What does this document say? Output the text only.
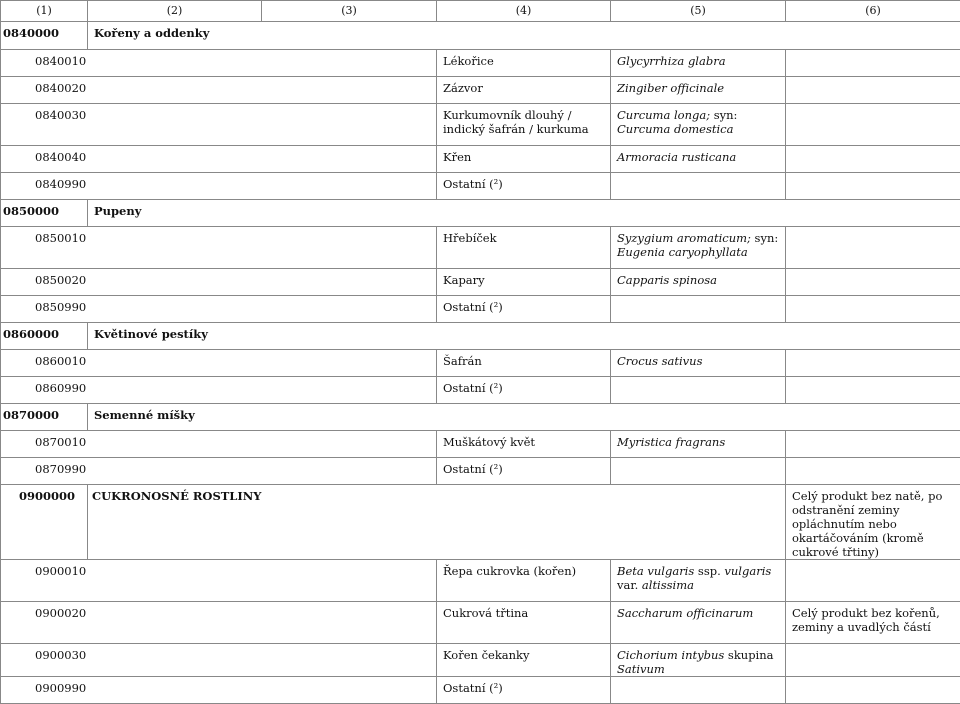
(1)	(2)	(3)	(4)	(5)	(6)
0840000	Kořeny a oddenky				
0840010			Lékořice	Glycyrrhiza glabra	
0840020			Zázvor	Zingiber officinale	
0840030			Kurkumovník dlouhý / indický šafrán / kurkuma	Curcuma longa; syn: Curcuma domestica	
0840040			Křen	Armoracia rusticana	
0840990			Ostatní (²)		
0850000	Pupeny				
0850010			Hřebíček	Syzygium aromaticum; syn: Eugenia caryophyllata	
0850020			Kapary	Capparis spinosa	
0850990			Ostatní (²)		
0860000	Květinové pestíky				
0860010			Šafrán	Crocus sativus	
0860990			Ostatní (²)		
0870000	Semenné míšky				
0870010			Muškátový květ	Myristica fragrans	
0870990			Ostatní (²)		
0900000	CUKRONOSNÉ ROSTLINY				Celý produkt bez natě, po odstranění zeminy opláchnutím nebo okartáčováním (kromě cukrové třtiny)
0900010			Řepa cukrovka (kořen)	Beta vulgaris ssp. vulgaris var. altissima	
0900020			Cukrová třtina	Saccharum officinarum	Celý produkt bez kořenů, zeminy a uvadlých částí
0900030			Kořen čekanky	Cichorium intybus skupina Sativum	
0900990			Ostatní (²)		
